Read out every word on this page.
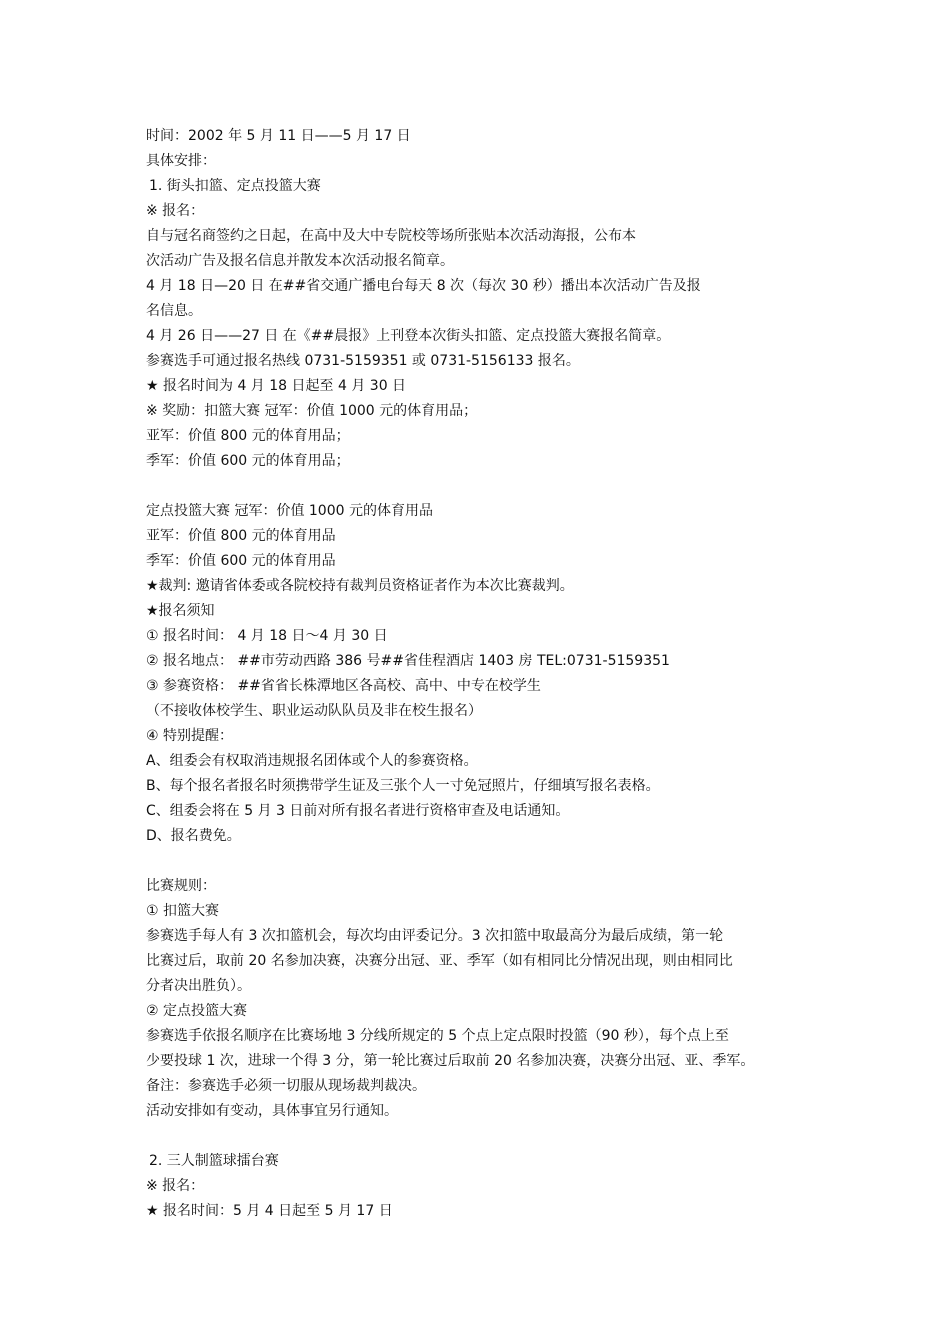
时间：2002 年 5 月 11 日——5 月 17 日
具体安排：
1. 街头扣篮、定点投篮大赛
※ 报名：
自与冠名商签约之日起，在高中及大中专院校等场所张贴本次活动海报，公布本
次活动广告及报名信息并散发本次活动报名简章。
4 月 18 日—20 日 在##省交通广播电台每天 8 次（每次 30 秒）播出本次活动广告及报
名信息。
4 月 26 日——27 日 在《##晨报》上刊登本次街头扣篮、定点投篮大赛报名简章。
参赛选手可通过报名热线 0731-5159351 或 0731-5156133 报名。
★ 报名时间为 4 月 18 日起至 4 月 30 日
※ 奖励：扣篮大赛 冠军：价值 1000 元的体育用品；
亚军：价值 800 元的体育用品；
季军：价值 600 元的体育用品；
定点投篮大赛 冠军：价值 1000 元的体育用品
亚军：价值 800 元的体育用品
季军：价值 600 元的体育用品
★裁判: 邀请省体委或各院校持有裁判员资格证者作为本次比赛裁判。
★报名须知
① 报名时间： 4 月 18 日～4 月 30 日
② 报名地点： ##市劳动西路 386 号##省佳程酒店 1403 房 TEL:0731-5159351
③ 参赛资格： ##省省长株潭地区各高校、高中、中专在校学生
（不接收体校学生、职业运动队队员及非在校生报名）
④ 特别提醒：
A、组委会有权取消违规报名团体或个人的参赛资格。
B、每个报名者报名时须携带学生证及三张个人一寸免冠照片，仔细填写报名表格。
C、组委会将在 5 月 3 日前对所有报名者进行资格审查及电话通知。
D、报名费免。
比赛规则：
① 扣篮大赛
参赛选手每人有 3 次扣篮机会，每次均由评委记分。3 次扣篮中取最高分为最后成绩，第一轮
比赛过后，取前 20 名参加决赛，决赛分出冠、亚、季军（如有相同比分情况出现，则由相同比
分者决出胜负）。
② 定点投篮大赛
参赛选手依报名顺序在比赛场地 3 分线所规定的 5 个点上定点限时投篮（90 秒），每个点上至
少要投球 1 次，进球一个得 3 分，第一轮比赛过后取前 20 名参加决赛，决赛分出冠、亚、季军。
备注：参赛选手必须一切服从现场裁判裁决。
活动安排如有变动，具体事宜另行通知。
2. 三人制篮球擂台赛
※ 报名：
★ 报名时间：5 月 4 日起至 5 月 17 日
